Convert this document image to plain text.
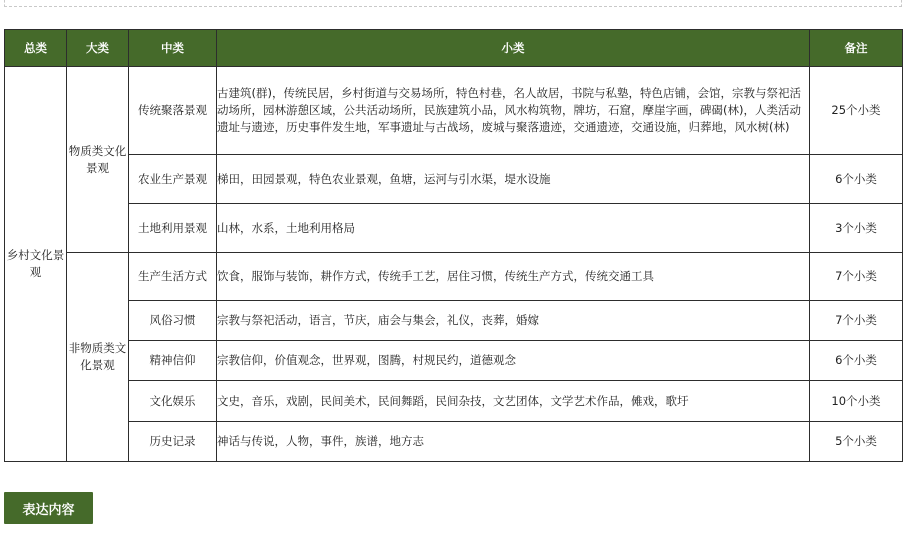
总类	大类	中类	小类	备注
乡村文化景观	物质类文化景观	传统聚落景观	古建筑(群)，传统民居，乡村街道与交易场所，特色村巷，名人故居，书院与私塾，特色店铺，会馆，宗教与祭祀活动场所，园林游憩区域，公共活动场所，民族建筑小品，风水构筑物，牌坊，石窟，摩崖字画，碑碣(林)，人类活动遗址与遗迹，历史事件发生地，军事遗址与古战场，废城与聚落遗迹，交通遗迹，交通设施，归葬地，风水树(林)	25个小类
		农业生产景观	梯田，田园景观，特色农业景观，鱼塘，运河与引水渠，堤水设施	6个小类
		土地利用景观	山林，水系，土地利用格局	3个小类
	非物质类文化景观	生产生活方式	饮食，服饰与装饰，耕作方式，传统手工艺，居住习惯，传统生产方式，传统交通工具	7个小类
		风俗习惯	宗教与祭祀活动，语言，节庆，庙会与集会，礼仪，丧葬，婚嫁	7个小类
		精神信仰	宗教信仰，价值观念，世界观，图腾，村规民约，道德观念	6个小类
		文化娱乐	文史，音乐，戏剧，民间美术，民间舞蹈，民间杂技，文艺团体，文学艺术作品，傩戏，歌圩	10个小类
		历史记录	神话与传说，人物，事件，族谱，地方志	5个小类
表达内容
